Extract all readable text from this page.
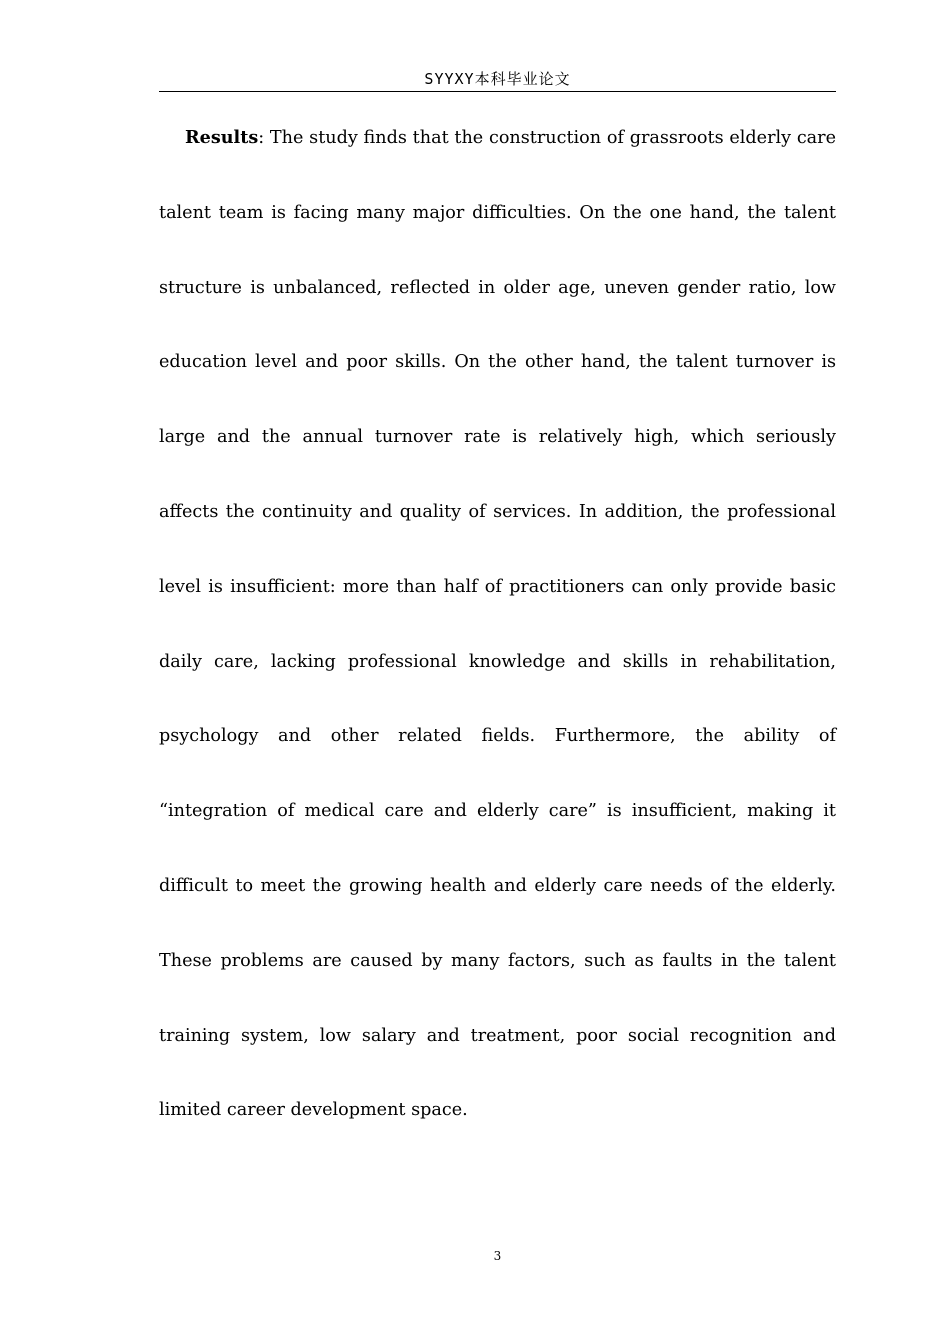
SYYXY本科毕业论文

Results: The study finds that the construction of grassroots elderly care talent team is facing many major difficulties. On the one hand, the talent structure is unbalanced, reflected in older age, uneven gender ratio, low education level and poor skills. On the other hand, the talent turnover is large and the annual turnover rate is relatively high, which seriously affects the continuity and quality of services. In addition, the professional level is insufficient: more than half of practitioners can only provide basic daily care, lacking professional knowledge and skills in rehabilitation, psychology and other related fields. Furthermore, the ability of “integration of medical care and elderly care” is insufficient, making it difficult to meet the growing health and elderly care needs of the elderly. These problems are caused by many factors, such as faults in the talent training system, low salary and treatment, poor social recognition and limited career development space.

3
